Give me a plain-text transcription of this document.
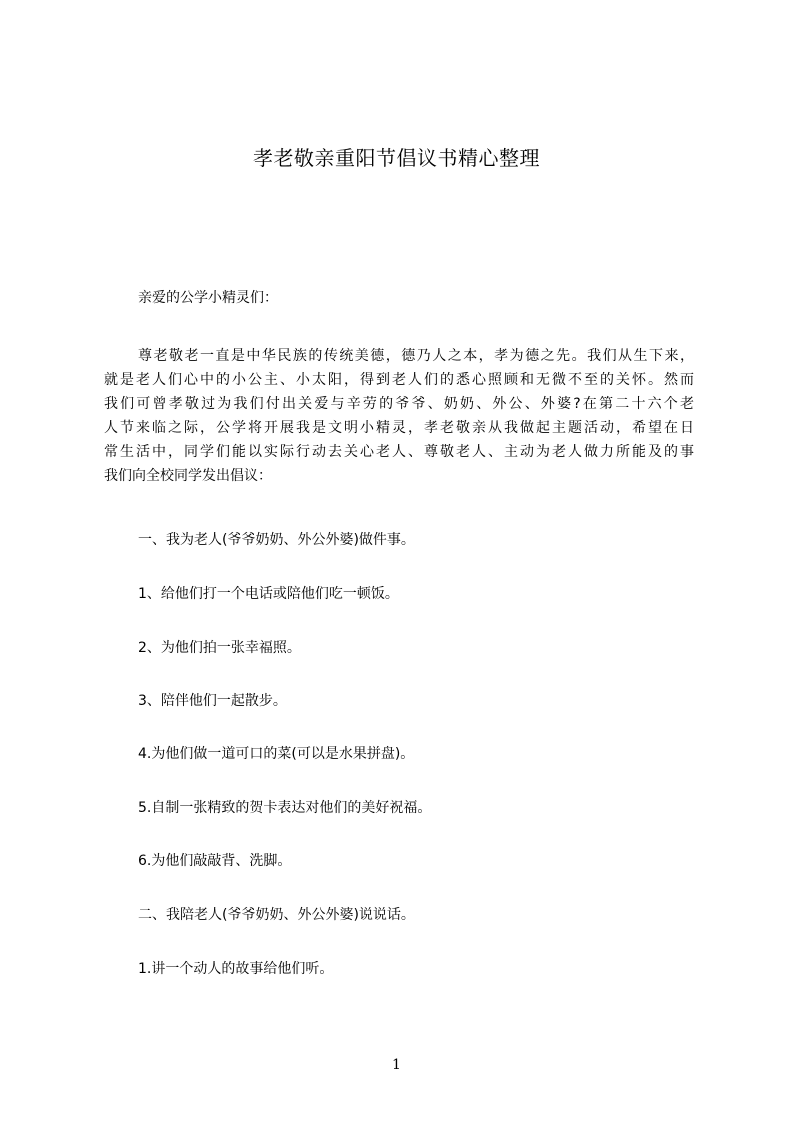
孝老敬亲重阳节倡议书精心整理
亲爱的公学小精灵们：
尊老敬老一直是中华民族的传统美德，德乃人之本，孝为德之先。我们从生下来，
就是老人们心中的小公主、小太阳，得到老人们的悉心照顾和无微不至的关怀。然而
我们可曾孝敬过为我们付出关爱与辛劳的爷爷、奶奶、外公、外婆?在第二十六个老
人节来临之际，公学将开展我是文明小精灵，孝老敬亲从我做起主题活动，希望在日
常生活中，同学们能以实际行动去关心老人、尊敬老人、主动为老人做力所能及的事
我们向全校同学发出倡议：
一、我为老人(爷爷奶奶、外公外婆)做件事。
1、给他们打一个电话或陪他们吃一顿饭。
2、为他们拍一张幸福照。
3、陪伴他们一起散步。
4.为他们做一道可口的菜(可以是水果拼盘)。
5.自制一张精致的贺卡表达对他们的美好祝福。
6.为他们敲敲背、洗脚。
二、我陪老人(爷爷奶奶、外公外婆)说说话。
1.讲一个动人的故事给他们听。
1
